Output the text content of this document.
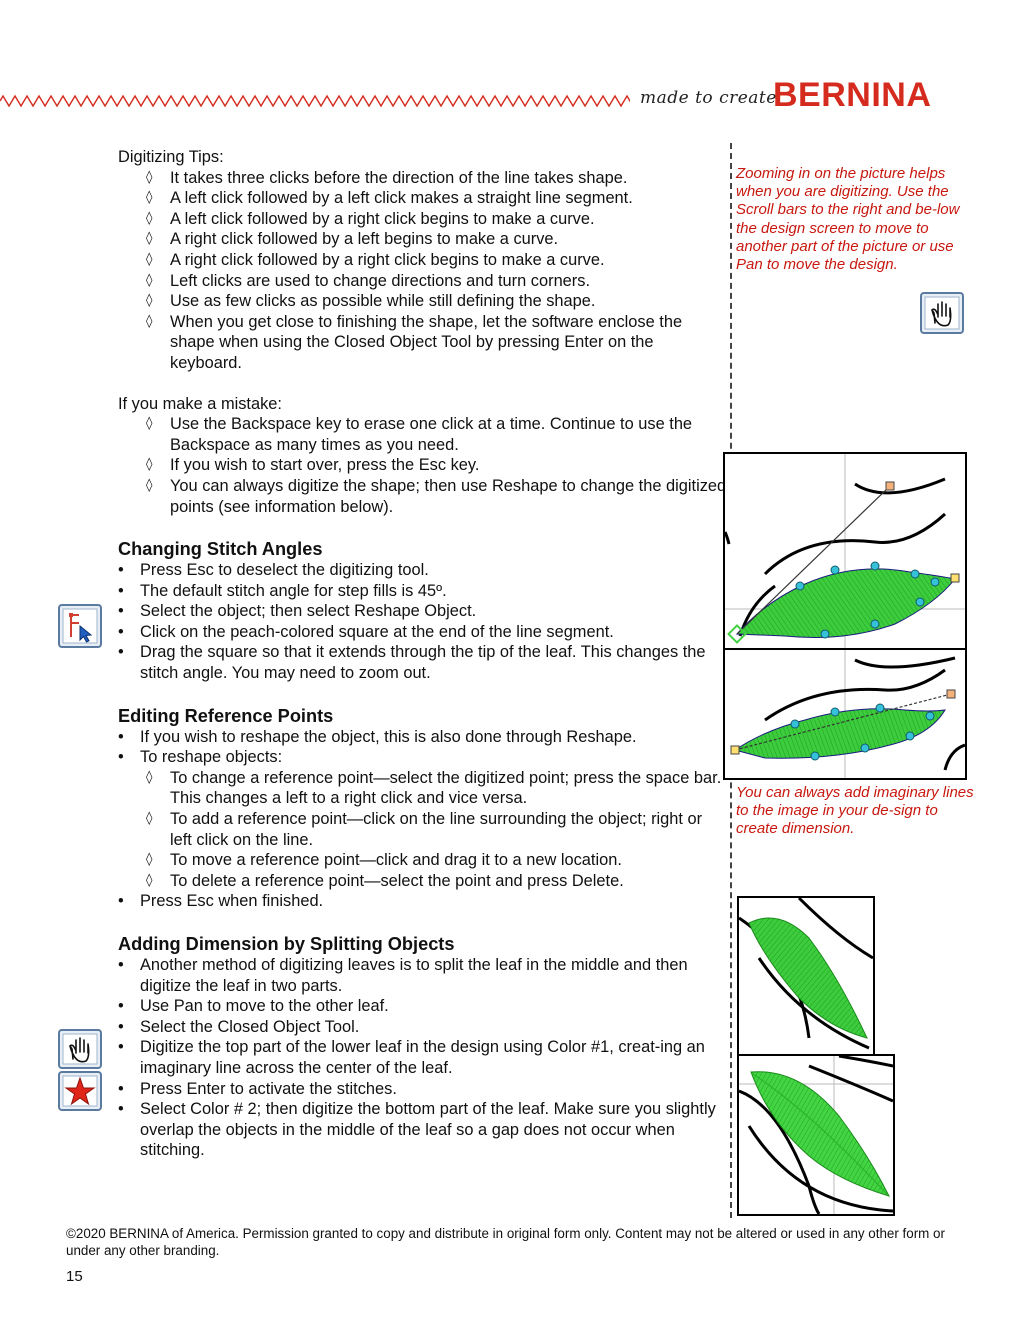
made to create
BERNINA

Digitizing Tips:

◊ It takes three clicks before the direction of the line takes shape.
◊ A left click followed by a left click makes a straight line segment.
◊ A left click followed by a right click begins to make a curve.
◊ A right click followed by a left begins to make a curve.
◊ A right click followed by a right click begins to make a curve.
◊ Left clicks are used to change directions and turn corners.
◊ Use as few clicks as possible while still defining the shape.
◊ When you get close to finishing the shape, let the software enclose the shape when using the Closed Object Tool by pressing Enter on the keyboard.

If you make a mistake:

◊ Use the Backspace key to erase one click at a time. Continue to use the Backspace as many times as you need.
◊ If you wish to start over, press the Esc key.
◊ You can always digitize the shape; then use Reshape to change the digitized points (see information below).
Changing Stitch Angles
• Press Esc to deselect the digitizing tool.
• The default stitch angle for step fills is 45º.
• Select the object; then select Reshape Object.
• Click on the peach-colored square at the end of the line segment.
• Drag the square so that it extends through the tip of the leaf. This changes the stitch angle. You may need to zoom out.
Editing Reference Points
• If you wish to reshape the object, this is also done through Reshape.
• To reshape objects:
◊ To change a reference point—select the digitized point; press the space bar. This changes a left to a right click and vice versa.
◊ To add a reference point—click on the line surrounding the object; right or left click on the line.
◊ To move a reference point—click and drag it to a new location.
◊ To delete a reference point—select the point and press Delete.
• Press Esc when finished.
Adding Dimension by Splitting Objects
• Another method of digitizing leaves is to split the leaf in the middle and then digitize the leaf in two parts.
• Use Pan to move to the other leaf.
• Select the Closed Object Tool.
• Digitize the top part of the lower leaf in the design using Color #1, creat-ing an imaginary line across the center of the leaf.
• Press Enter to activate the stitches.
• Select Color # 2; then digitize the bottom part of the leaf. Make sure you slightly overlap the objects in the middle of the leaf so a gap does not occur when stitching.
Zooming in on the picture helps when you are digitizing. Use the Scroll bars to the right and be-low the design screen to move to another part of the picture or use Pan to move the design.
You can always add imaginary lines to the image in your de-sign to create dimension.
©2020 BERNINA of America. Permission granted to copy and distribute in original form only. Content may not be altered or used in any other form or under any other branding.
15
